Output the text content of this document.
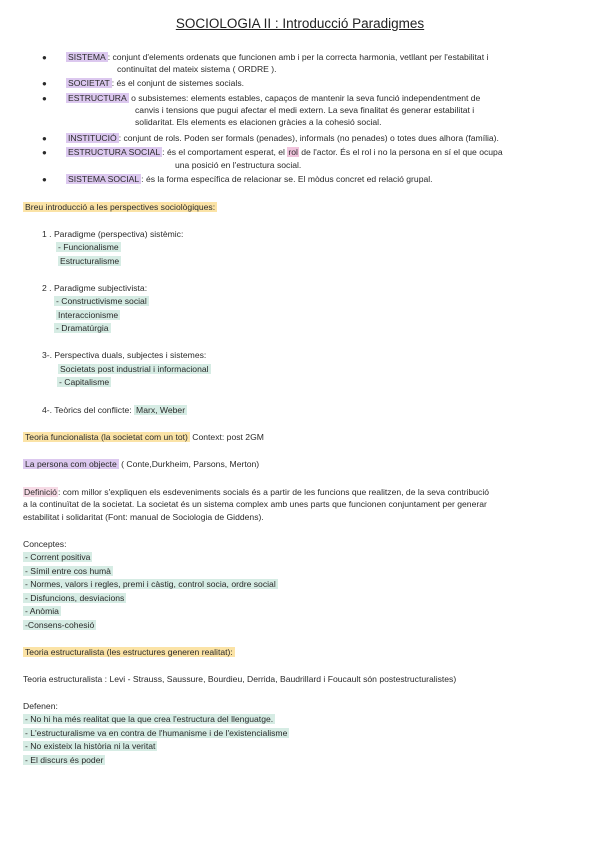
SOCIOLOGIA II : Introducció Paradigmes
● SISTEMA : conjunt d'elements ordenats que funcionen amb i per la correcta harmonia, vetllant per l'estabilitat i
continuïtat del mateix sistema ( ORDRE ).
● SOCIETAT : és el conjunt de sistemes socials.
● ESTRUCTURA o subsistemes: elements estables, capaços de mantenir la seva funció independentment de
canvis i tensions que pugui afectar el medi extern. La seva finalitat és generar estabilitat i
solidaritat. Els elements es elacionen gràcies a la cohesió social.
● INSTITUCIÓ : conjunt de rols. Poden ser formals (penades), informals (no penades) o totes dues alhora (família).
● ESTRUCTURA SOCIAL : és el comportament esperat, el rol de l'actor. És el rol i no la persona en sí el que ocupa
una posició en l'estructura social.
● SISTEMA SOCIAL : és la forma específica de relacionar se. El mòdus concret ed relació grupal.
Breu introducció a les perspectives sociològiques:
1 . Paradigme (perspectiva) sistèmic:
- Funcionalisme
Estructuralisme
2 . Paradigme subjectivista:
- Constructivisme social
Interaccionisme
- Dramatúrgia
3-. Perspectiva duals, subjectes i sistemes:
Societats post industrial i informacional
- Capitalisme
4-. Teòrics del conflicte: Marx, Weber
Teoria funcionalista (la societat com un tot) Context: post 2GM
La persona com objecte ( Conte,Durkheim, Parsons, Merton)
Definició: com millor s'expliquen els esdeveniments socials és a partir de les funcions que realitzen, de la seva contribució
a la continuïtat de la societat. La societat és un sistema complex amb unes parts que funcionen conjuntament per generar
estabilitat i solidaritat (Font: manual de Sociologia de Giddens).
Conceptes:
- Corrent positiva
- Símil entre cos humà
- Normes, valors i regles, premi i càstig, control socia, ordre social
- Disfuncions, desviacions
- Anòmia
-Consens-cohesió
Teoria estructuralista (les estructures generen realitat):
Teoria estructuralista : Levi - Strauss, Saussure, Bourdieu, Derrida, Baudrillard i Foucault són postestructuralistes)
Defenen:
- No hi ha més realitat que la que crea l'estructura del llenguatge.
- L'estructuralisme va en contra de l'humanisme i de l'existencialisme
- No existeix la història ni la veritat
- El discurs és poder
